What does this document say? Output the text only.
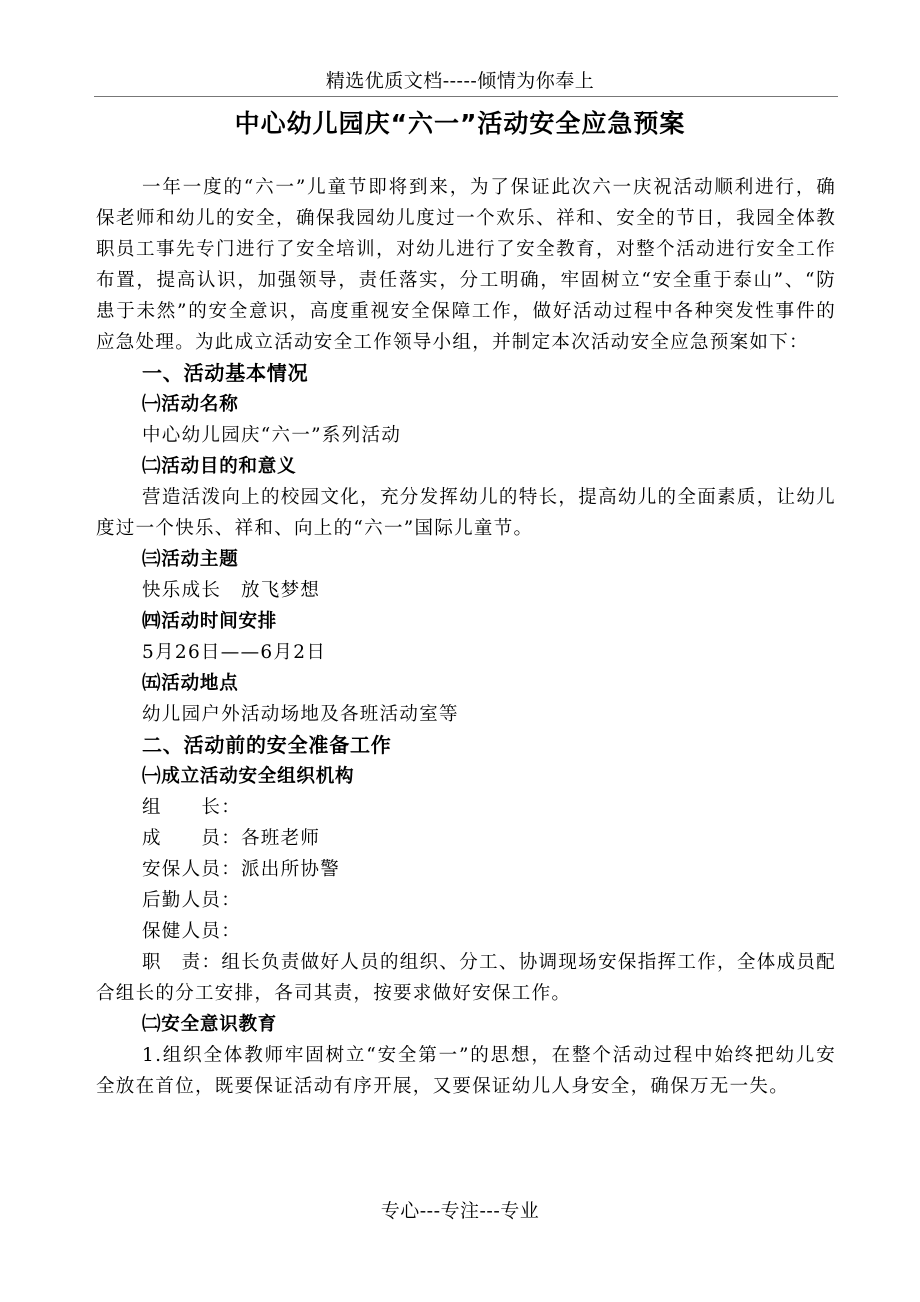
精选优质文档-----倾情为你奉上
中心幼儿园庆“六一”活动安全应急预案

一年一度的“六一”儿童节即将到来，为了保证此次六一庆祝活动顺利进行，确保老师和幼儿的安全，确保我园幼儿度过一个欢乐、祥和、安全的节日，我园全体教职员工事先专门进行了安全培训，对幼儿进行了安全教育，对整个活动进行安全工作布置，提高认识，加强领导，责任落实，分工明确，牢固树立“安全重于泰山”、“防患于未然”的安全意识，高度重视安全保障工作，做好活动过程中各种突发性事件的应急处理。为此成立活动安全工作领导小组，并制定本次活动安全应急预案如下：

一、活动基本情况

㈠活动名称

中心幼儿园庆“六一”系列活动

㈡活动目的和意义

营造活泼向上的校园文化，充分发挥幼儿的特长，提高幼儿的全面素质，让幼儿度过一个快乐、祥和、向上的“六一”国际儿童节。

㈢活动主题

快乐成长　放飞梦想

㈣活动时间安排

5月26日——6月2日

㈤活动地点

幼儿园户外活动场地及各班活动室等

二、活动前的安全准备工作

㈠成立活动安全组织机构

组　　长：

成　　员：各班老师

安保人员：派出所协警

后勤人员：

保健人员：

职　责：组长负责做好人员的组织、分工、协调现场安保指挥工作，全体成员配合组长的分工安排，各司其责，按要求做好安保工作。

㈡安全意识教育

1.组织全体教师牢固树立“安全第一”的思想，在整个活动过程中始终把幼儿安全放在首位，既要保证活动有序开展，又要保证幼儿人身安全，确保万无一失。

专心---专注---专业
